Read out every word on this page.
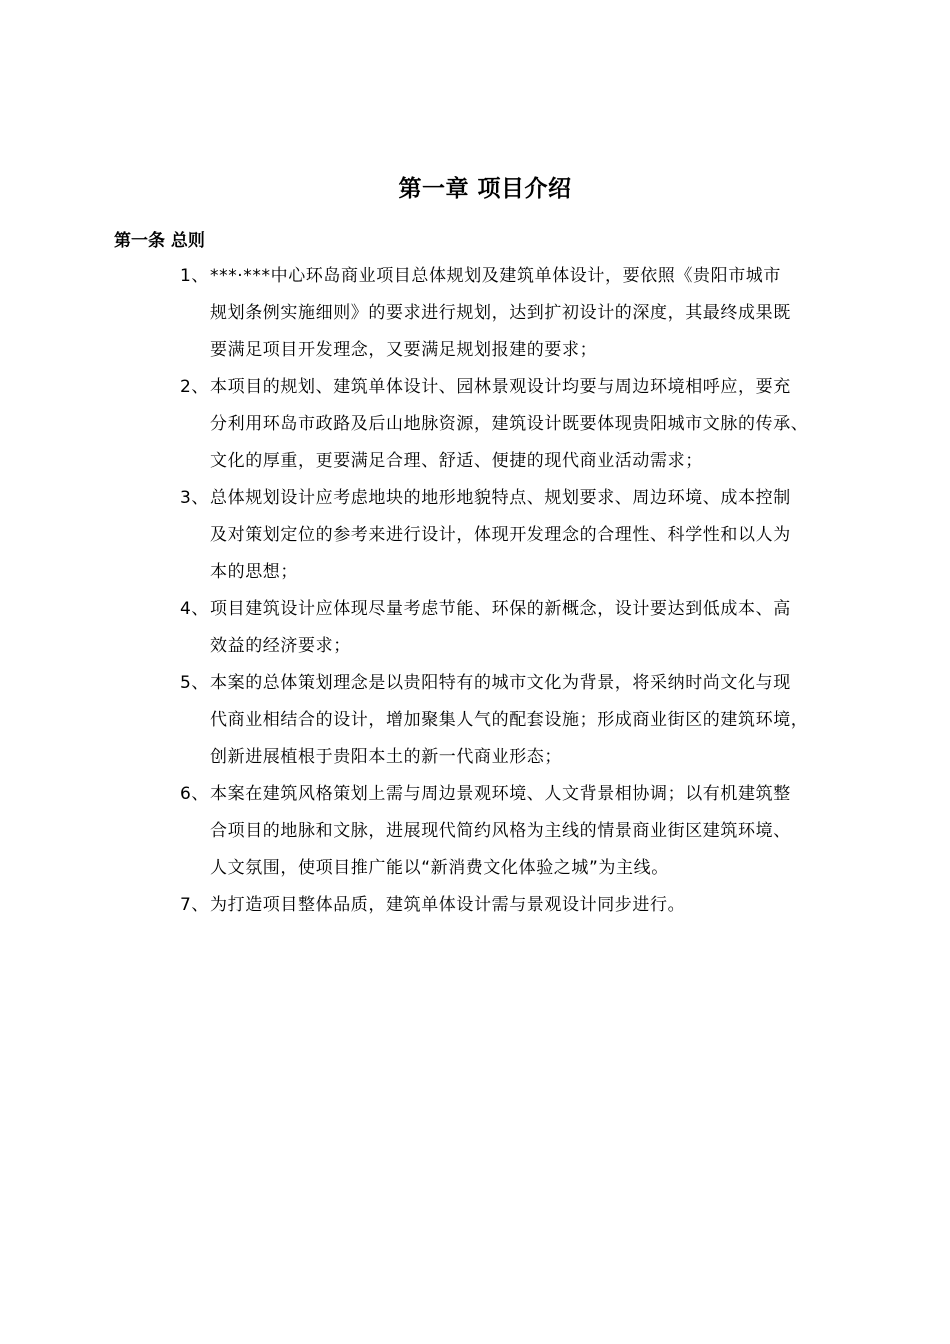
第一章 项目介绍
第一条 总则
1、 ***·***中心环岛商业项目总体规划及建筑单体设计，要依照《贵阳市城市
规划条例实施细则》的要求进行规划，达到扩初设计的深度，其最终成果既
要满足项目开发理念，又要满足规划报建的要求；
2、 本项目的规划、建筑单体设计、园林景观设计均要与周边环境相呼应，要充
分利用环岛市政路及后山地脉资源，建筑设计既要体现贵阳城市文脉的传承、
文化的厚重，更要满足合理、舒适、便捷的现代商业活动需求；
3、 总体规划设计应考虑地块的地形地貌特点、规划要求、周边环境、成本控制
及对策划定位的参考来进行设计，体现开发理念的合理性、科学性和以人为
本的思想；
4、 项目建筑设计应体现尽量考虑节能、环保的新概念，设计要达到低成本、高
效益的经济要求；
5、 本案的总体策划理念是以贵阳特有的城市文化为背景，将采纳时尚文化与现
代商业相结合的设计，增加聚集人气的配套设施；形成商业街区的建筑环境，
创新进展植根于贵阳本土的新一代商业形态；
6、 本案在建筑风格策划上需与周边景观环境、人文背景相协调；以有机建筑整
合项目的地脉和文脉，进展现代简约风格为主线的情景商业街区建筑环境、
人文氛围，使项目推广能以“新消费文化体验之城”为主线。
7、 为打造项目整体品质，建筑单体设计需与景观设计同步进行。
